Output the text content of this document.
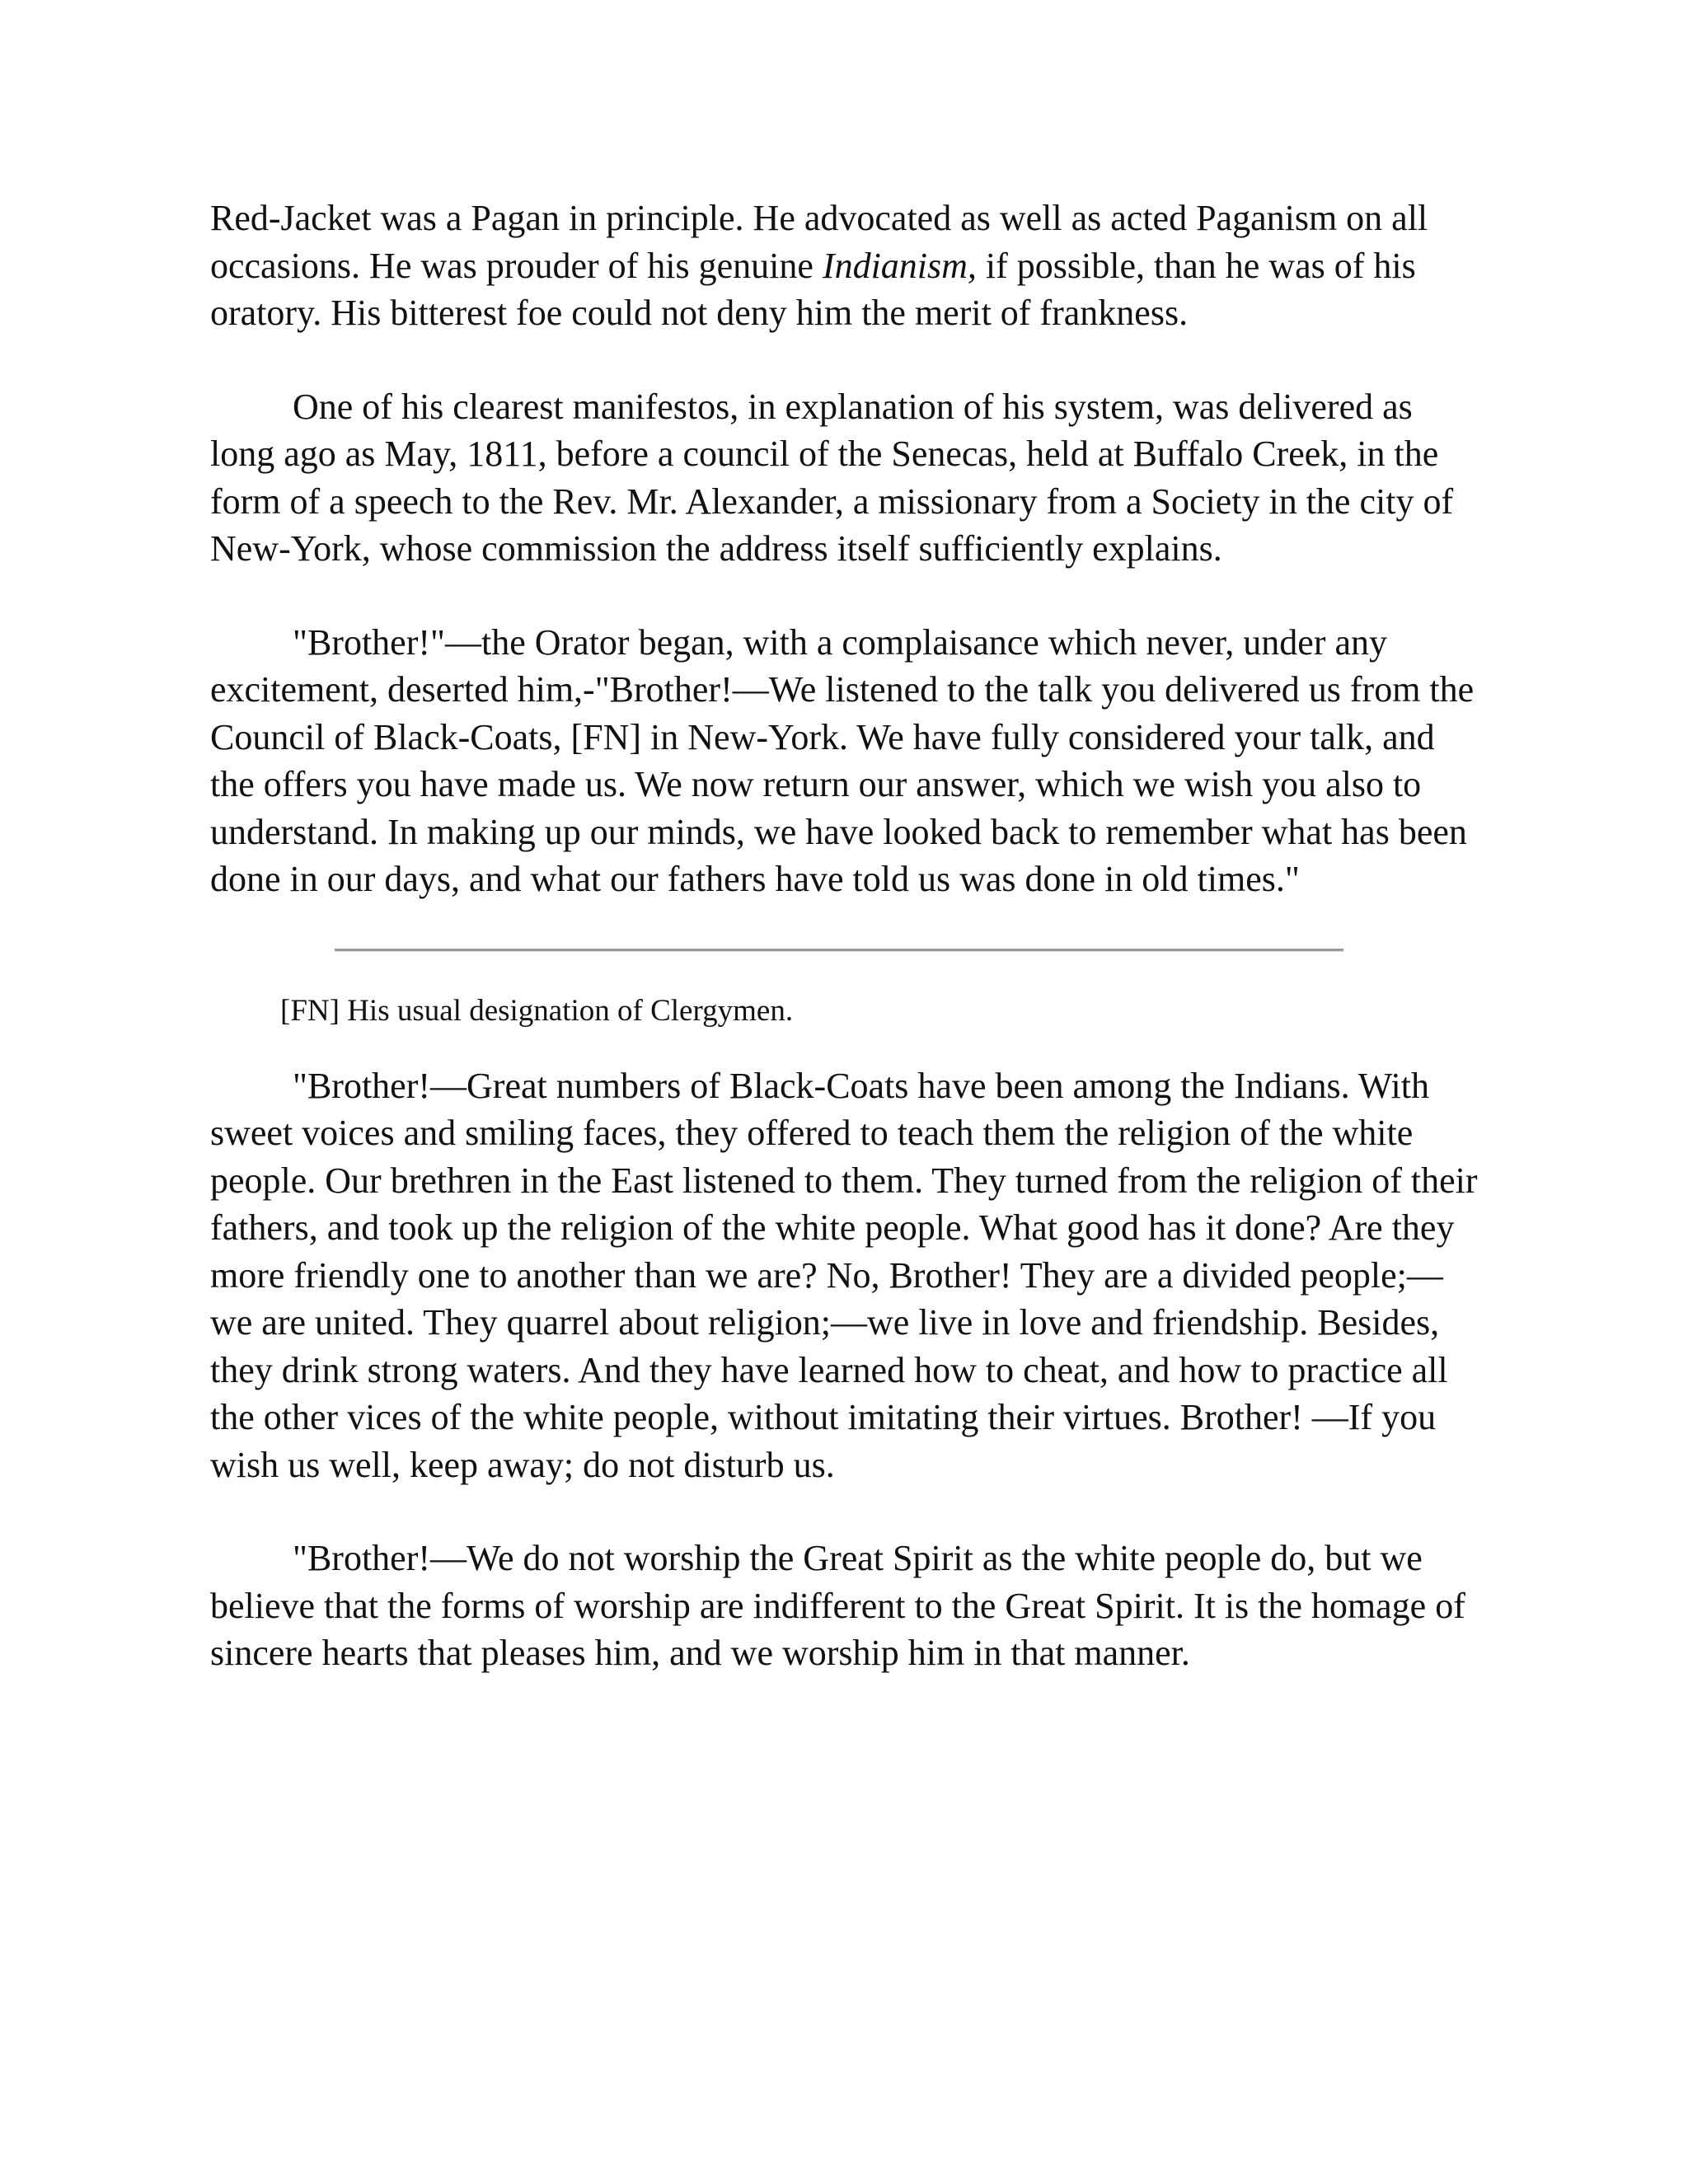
Red-Jacket was a Pagan in principle. He advocated as well as acted Paganism on all occasions. He was prouder of his genuine Indianism, if possible, than he was of his oratory. His bitterest foe could not deny him the merit of frankness.

One of his clearest manifestos, in explanation of his system, was delivered as long ago as May, 1811, before a council of the Senecas, held at Buffalo Creek, in the form of a speech to the Rev. Mr. Alexander, a missionary from a Society in the city of New-York, whose commission the address itself sufficiently explains.

"Brother!"—the Orator began, with a complaisance which never, under any excitement, deserted him,-"Brother!—We listened to the talk you delivered us from the Council of Black-Coats, [FN] in New-York. We have fully considered your talk, and the offers you have made us. We now return our answer, which we wish you also to understand. In making up our minds, we have looked back to remember what has been done in our days, and what our fathers have told us was done in old times."

[FN] His usual designation of Clergymen.

"Brother!—Great numbers of Black-Coats have been among the Indians. With sweet voices and smiling faces, they offered to teach them the religion of the white people. Our brethren in the East listened to them. They turned from the religion of their fathers, and took up the religion of the white people. What good has it done? Are they more friendly one to another than we are? No, Brother! They are a divided people;—we are united. They quarrel about religion;—we live in love and friendship. Besides, they drink strong waters. And they have learned how to cheat, and how to practice all the other vices of the white people, without imitating their virtues. Brother! —If you wish us well, keep away; do not disturb us.

"Brother!—We do not worship the Great Spirit as the white people do, but we believe that the forms of worship are indifferent to the Great Spirit. It is the homage of sincere hearts that pleases him, and we worship him in that manner.
